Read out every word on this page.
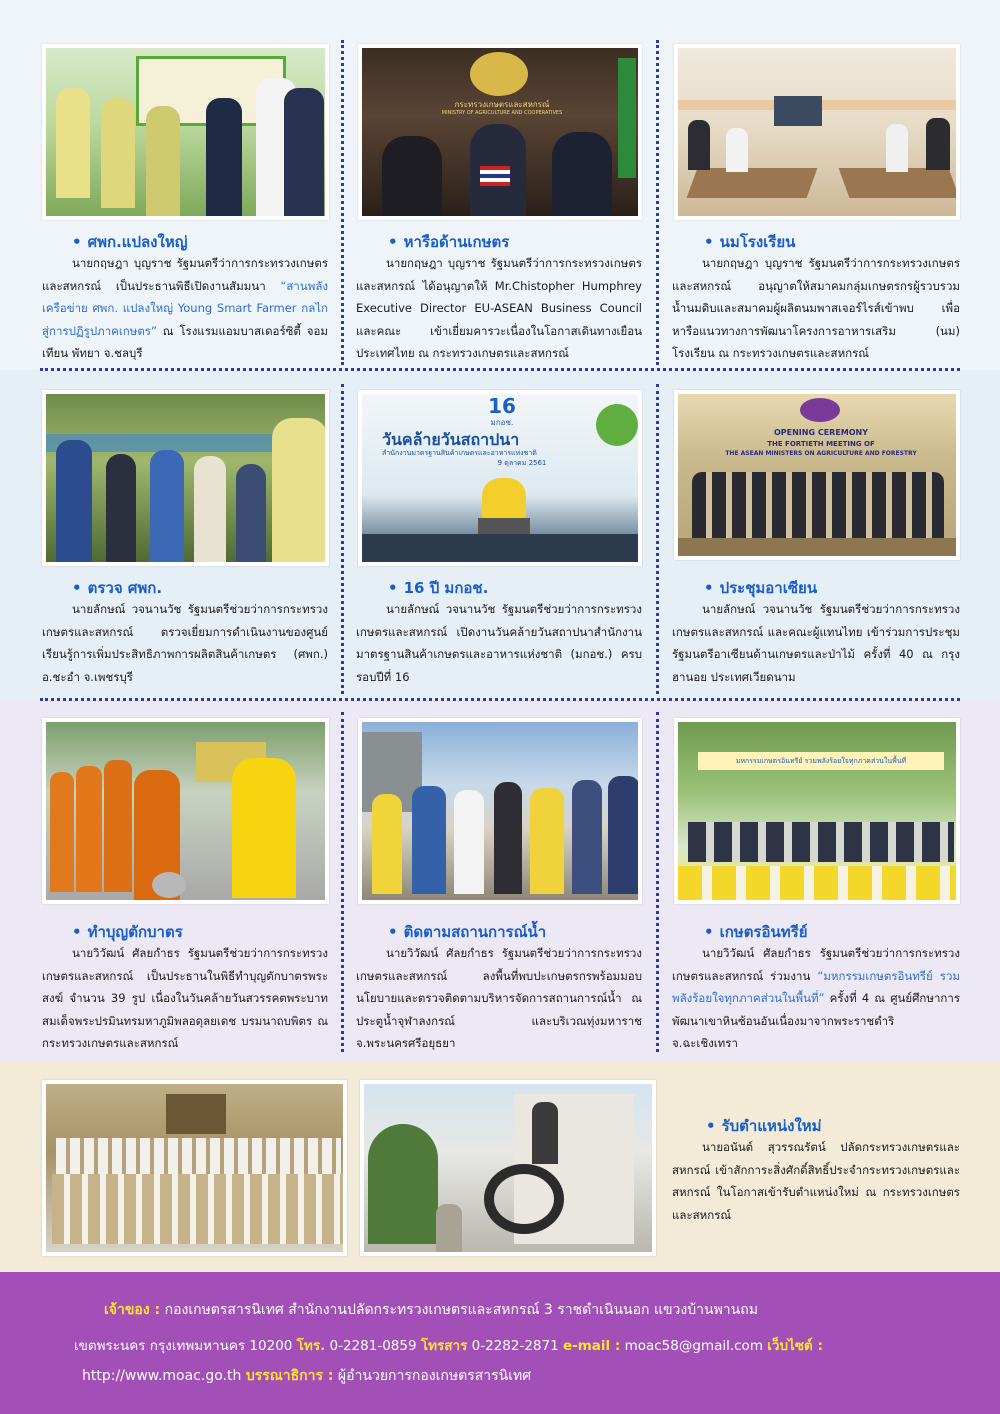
• ศพก.แปลงใหญ่
นายกฤษฎา บุญราช รัฐมนตรีว่าการกระทรวงเกษตรและสหกรณ์ เป็นประธานพิธีเปิดงานสัมมนา “สานพลังเครือข่าย ศพก. แปลงใหญ่ Young Smart Farmer กลไกสู่การปฏิรูปภาคเกษตร” ณ โรงแรมแอมบาสเดอร์ซิตี้ จอมเทียน พัทยา จ.ชลบุรี
กระทรวงเกษตรและสหกรณ์
MINISTRY OF AGRICULTURE AND COOPERATIVES
• หารือด้านเกษตร
นายกฤษฎา บุญราช รัฐมนตรีว่าการกระทรวงเกษตรและสหกรณ์ ได้อนุญาตให้ Mr.Chistopher Humphrey Executive Director EU-ASEAN Business Council และคณะ เข้าเยี่ยมคารวะเนื่องในโอกาสเดินทางเยือนประเทศไทย ณ กระทรวงเกษตรและสหกรณ์
• นมโรงเรียน
นายกฤษฎา บุญราช รัฐมนตรีว่าการกระทรวงเกษตรและสหกรณ์ อนุญาตให้สมาคมกลุ่มเกษตรกรผู้รวบรวมน้ำนมดิบและสมาคมผู้ผลิตนมพาสเจอร์ไรส์เข้าพบ เพื่อหารือแนวทางการพัฒนาโครงการอาหารเสริม (นม) โรงเรียน ณ กระทรวงเกษตรและสหกรณ์
• ตรวจ ศพก.
นายลักษณ์ วจนานวัช รัฐมนตรีช่วยว่าการกระทรวงเกษตรและสหกรณ์ ตรวจเยี่ยมการดำเนินงานของศูนย์เรียนรู้การเพิ่มประสิทธิภาพการผลิตสินค้าเกษตร (ศพก.) อ.ชะอำ จ.เพชรบุรี
16
มกอช.
วันคล้ายวันสถาปนา
สำนักงานมาตรฐานสินค้าเกษตรและอาหารแห่งชาติ
9 ตุลาคม 2561
• 16 ปี มกอช.
นายลักษณ์ วจนานวัช รัฐมนตรีช่วยว่าการกระทรวงเกษตรและสหกรณ์ เปิดงานวันคล้ายวันสถาปนาสำนักงานมาตรฐานสินค้าเกษตรและอาหารแห่งชาติ (มกอช.) ครบรอบปีที่ 16
OPENING CEREMONY
THE FORTIETH MEETING OF
THE ASEAN MINISTERS ON AGRICULTURE AND FORESTRY
• ประชุมอาเซียน
นายลักษณ์ วจนานวัช รัฐมนตรีช่วยว่าการกระทรวงเกษตรและสหกรณ์ และคณะผู้แทนไทย เข้าร่วมการประชุมรัฐมนตรีอาเซียนด้านเกษตรและป่าไม้ ครั้งที่ 40 ณ กรุงฮานอย ประเทศเวียดนาม
• ทำบุญตักบาตร
นายวิวัฒน์ ศัลยกำธร รัฐมนตรีช่วยว่าการกระทรวงเกษตรและสหกรณ์ เป็นประธานในพิธีทำบุญตักบาตรพระสงฆ์ จำนวน 39 รูป เนื่องในวันคล้ายวันสวรรคตพระบาทสมเด็จพระปรมินทรมหาภูมิพลอดุลยเดช บรมนาถบพิตร ณ กระทรวงเกษตรและสหกรณ์
• ติดตามสถานการณ์น้ำ
นายวิวัฒน์ ศัลยกำธร รัฐมนตรีช่วยว่าการกระทรวงเกษตรและสหกรณ์ ลงพื้นที่พบปะเกษตรกรพร้อมมอบนโยบายและตรวจติดตามบริหารจัดการสถานการณ์น้ำ ณ ประตูน้ำจุฬาลงกรณ์ และบริเวณทุ่งมหาราช จ.พระนครศรีอยุธยา
มหกรรมเกษตรอินทรีย์ รวมพลังร้อยใจทุกภาคส่วนในพื้นที่
• เกษตรอินทรีย์
นายวิวัฒน์ ศัลยกำธร รัฐมนตรีช่วยว่าการกระทรวงเกษตรและสหกรณ์ ร่วมงาน “มหกรรมเกษตรอินทรีย์ รวมพลังร้อยใจทุกภาคส่วนในพื้นที่” ครั้งที่ 4 ณ ศูนย์ศึกษาการพัฒนาเขาหินซ้อนอันเนื่องมาจากพระราชดำริ จ.ฉะเชิงเทรา
• รับตำแหน่งใหม่
นายอนันต์ สุวรรณรัตน์ ปลัดกระทรวงเกษตรและสหกรณ์ เข้าสักการะสิ่งศักดิ์สิทธิ์ประจำกระทรวงเกษตรและสหกรณ์ ในโอกาสเข้ารับตำแหน่งใหม่ ณ กระทรวงเกษตรและสหกรณ์
เจ้าของ : กองเกษตรสารนิเทศ สำนักงานปลัดกระทรวงเกษตรและสหกรณ์ 3 ราชดำเนินนอก แขวงบ้านพานถม
เขตพระนคร กรุงเทพมหานคร 10200 โทร. 0-2281-0859 โทรสาร 0-2282-2871 e-mail : moac58@gmail.com เว็บไซต์ :
http://www.moac.go.th บรรณาธิการ : ผู้อำนวยการกองเกษตรสารนิเทศ
